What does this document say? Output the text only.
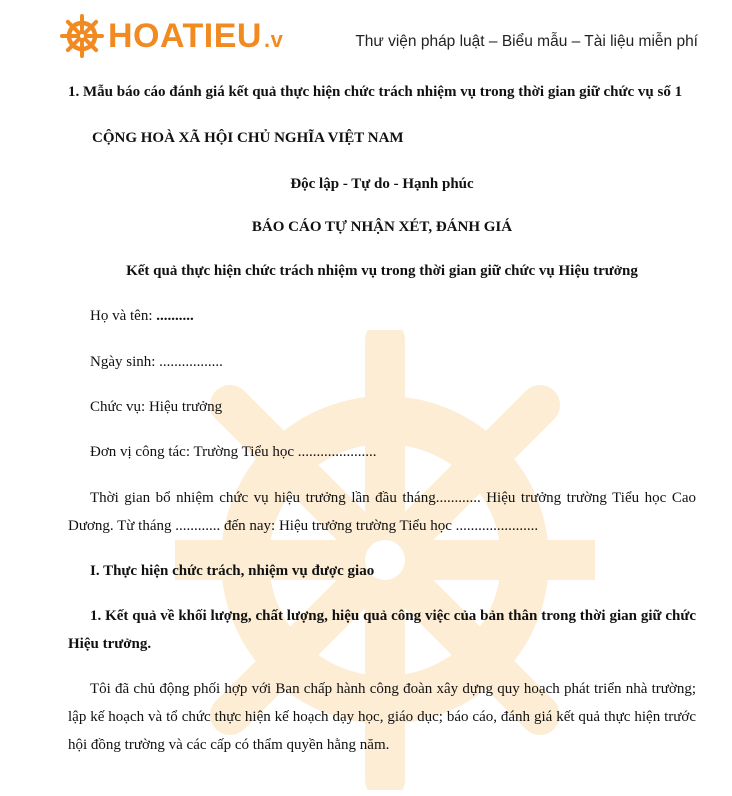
HOATIEU.v	Thư viện pháp luật – Biểu mẫu – Tài liệu miễn phí

1. Mẫu báo cáo đánh giá kết quả thực hiện chức trách nhiệm vụ trong thời gian giữ chức vụ số 1

CỘNG HOÀ XÃ HỘI CHỦ NGHĨA VIỆT NAM

Độc lập - Tự do - Hạnh phúc

BÁO CÁO TỰ NHẬN XÉT, ĐÁNH GIÁ

Kết quả thực hiện chức trách nhiệm vụ trong thời gian giữ chức vụ Hiệu trưởng

Họ và tên: ..........

Ngày sinh: .................

Chức vụ: Hiệu trưởng

Đơn vị công tác: Trường Tiểu học .....................

Thời gian bổ nhiệm chức vụ hiệu trưởng lần đầu tháng............ Hiệu trưởng trường Tiểu học Cao Dương. Từ tháng ............ đến nay: Hiệu trưởng trường Tiểu học ......................

I. Thực hiện chức trách, nhiệm vụ được giao

1. Kết quả về khối lượng, chất lượng, hiệu quả công việc của bản thân trong thời gian giữ chức Hiệu trưởng.

Tôi đã chủ động phối hợp với Ban chấp hành công đoàn xây dựng quy hoạch phát triển nhà trường; lập kế hoạch và tổ chức thực hiện kế hoạch dạy học, giáo dục; báo cáo, đánh giá kết quả thực hiện trước hội đồng trường và các cấp có thẩm quyền hằng năm.
